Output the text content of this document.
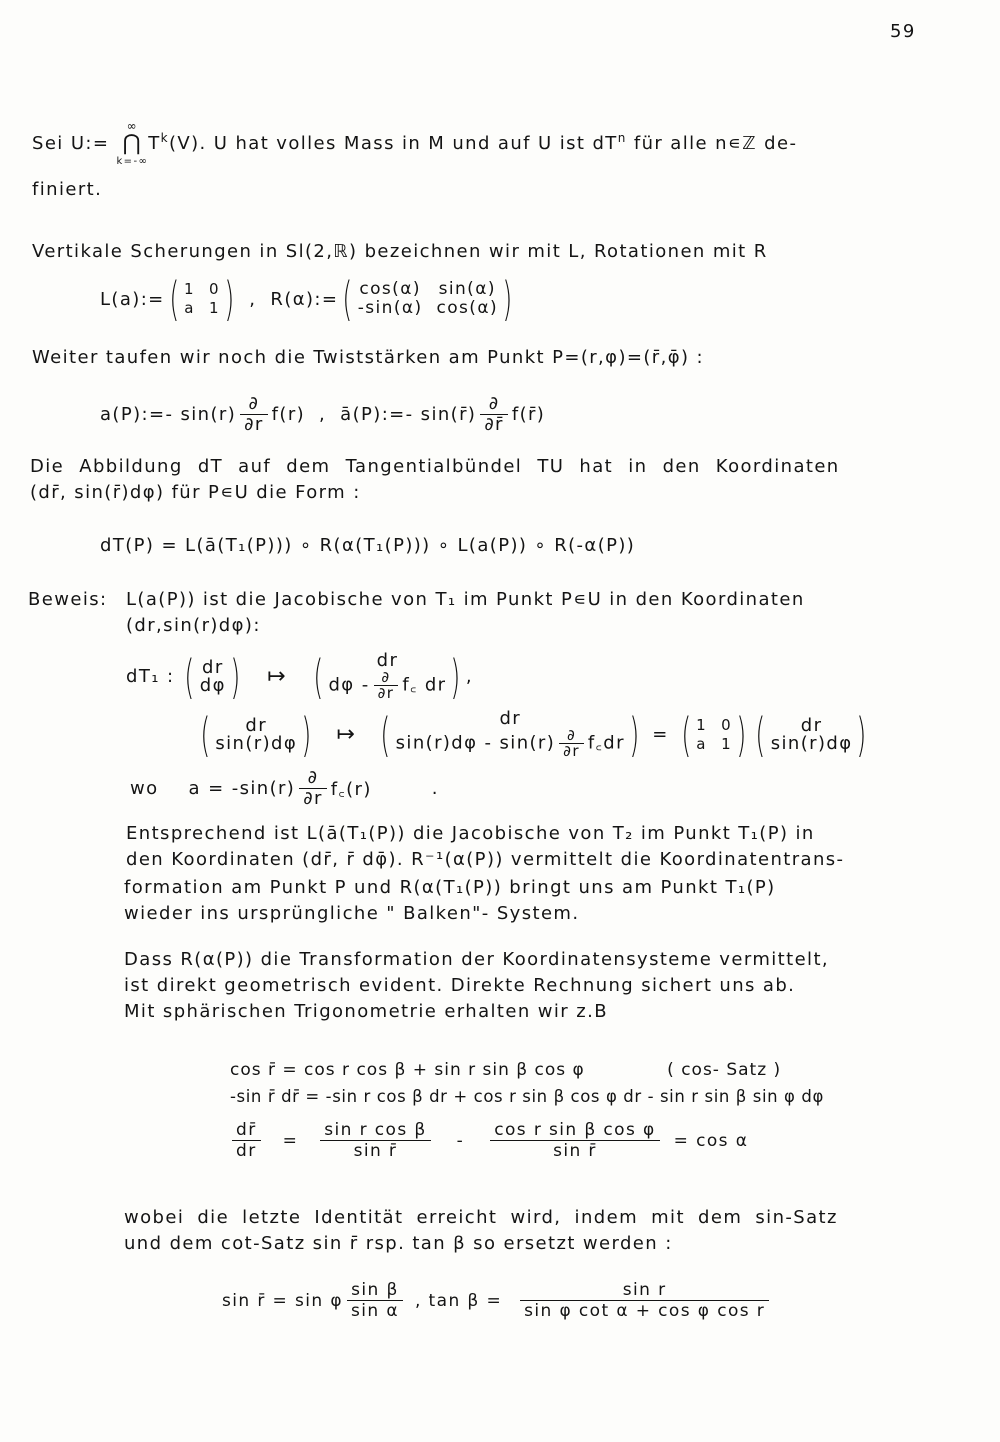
59
Sei U:=
∞
⋂
k=-∞
$T^k(V)$. U hat volles Mass in M und auf U ist $dT^n$ für alle n∊ℤ de-
finiert.
Vertikale Scherungen in Sl(2,ℝ) bezeichnen wir mit L, Rotationen mit R
L(a):= ( 1 0
a 1 ) , R(α):= ( cos(α) sin(α)
-sin(α) cos(α) )
Weiter taufen wir noch die Twiststärken am Punkt P=(r,φ)=(r̄,φ̄) :
a(P):=- $\sin(r) \frac{\partial}{\partial r} f(r)$ , ā(P):=- sin(r̄) $\frac{\partial}{\partial r̄}$ f(r̄)
Die Abbildung dT auf dem Tangentialbündel TU hat in den Koordinaten
(dr̄, sin(r̄)dφ) für P∊U die Form :
dT(P) = L(ā(T₁(P))) ∘ R(α(T₁(P))) ∘ L(a(P)) ∘ R(-α(P))
Beweis: L(a(P)) ist die Jacobische von T₁ im Punkt P∊U in den Koordinaten
(dr,sin(r)dφ):
dT₁ : ( dr
dφ ) ↦ (	dr
dφ - $\frac{\partial}{\partial r}$ f꜀ dr ) ,
(	dr
sin(r)dφ ) ↦ (	dr
$\sin(r)d\varphi - \sin(r) \frac{\partial}{\partial r}$ f꜀dr ) = ( 1 0
a 1 ) (	dr
sin(r)dφ )
wo $a = -\sin(r) \frac{\partial}{\partial r}$ f꜀(r)	.
Entsprechend ist L(ā(T₁(P)) die Jacobische von T₂ im Punkt T₁(P) in
den Koordinaten (dr̄, r̄ dφ̄). R⁻¹(α(P)) vermittelt die Koordinatentrans-
formation am Punkt P und R(α(T₁(P)) bringt uns am Punkt T₁(P)
wieder ins ursprüngliche " Balken"- System.
Dass R(α(P)) die Transformation der Koordinatensysteme vermittelt,
ist direkt geometrisch evident. Direkte Rechnung sichert uns ab.
Mit sphärischen Trigonometrie erhalten wir z.B
cos r̄ = cos r cos β + sin r sin β cos φ	( cos- Satz )
-sin r̄ dr̄ = -sin r cos β dr + cos r sin β cos φ dr - sin r sin β sin φ dφ
$\frac{dr̄}{dr} = \frac{\text{sin r cos β}}{\text{sin r̄}} - \frac{\text{cos r sin β cos φ}}{\text{sin r̄}} = \cos \alpha$
wobei die letzte Identität erreicht wird, indem mit dem sin-Satz
und dem cot-Satz sin r̄ rsp. tan β so ersetzt werden :
sin r̄ = sin φ $\frac{\text{sin β}}{\text{sin α}}$ , $\tan \beta = \frac{\text{sin r}}{\text{sin φ cot α + cos φ cos r}}$
